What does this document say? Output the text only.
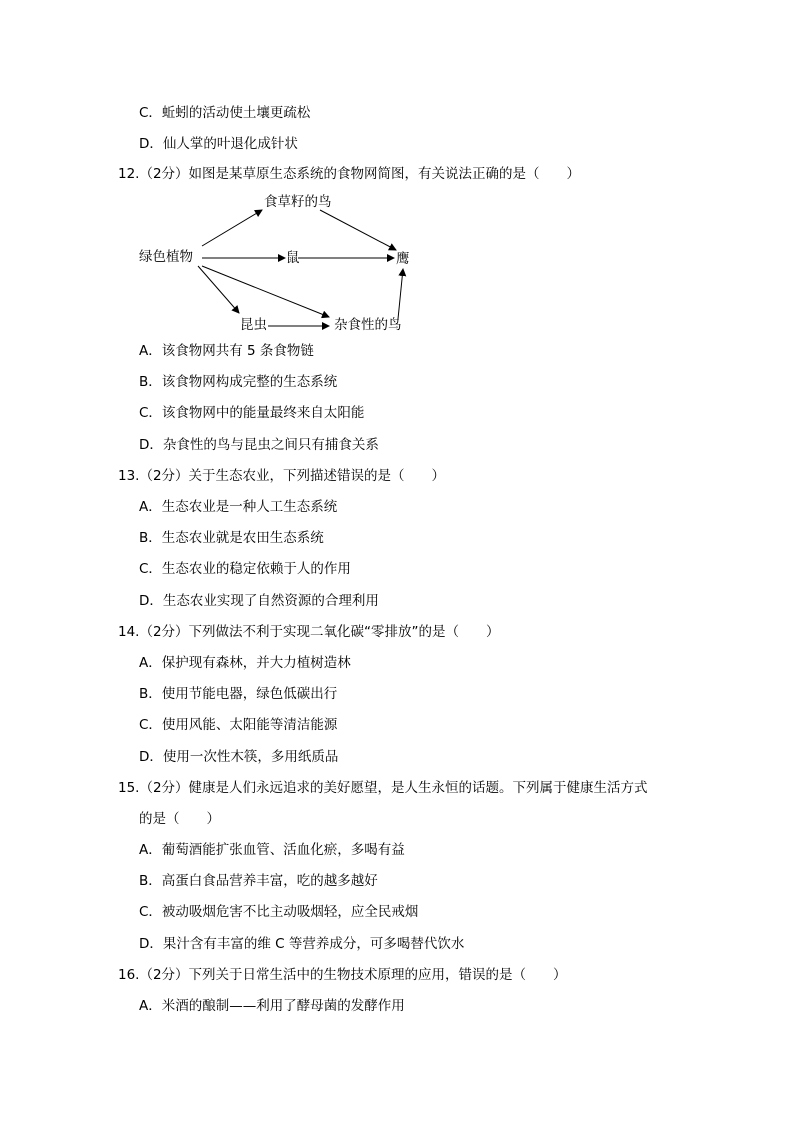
C．蚯蚓的活动使土壤更疏松
D．仙人掌的叶退化成针状
12.（2分）如图是某草原生态系统的食物网简图，有关说法正确的是（　　）
绿色植物
食草籽的鸟
鼠	鹰
昆虫	杂食性的鸟
A．该食物网共有 5 条食物链
B．该食物网构成完整的生态系统
C．该食物网中的能量最终来自太阳能
D．杂食性的鸟与昆虫之间只有捕食关系
13.（2分）关于生态农业，下列描述错误的是（　　）
A．生态农业是一种人工生态系统
B．生态农业就是农田生态系统
C．生态农业的稳定依赖于人的作用
D．生态农业实现了自然资源的合理利用
14.（2分）下列做法不利于实现二氧化碳“零排放”的是（　　）
A．保护现有森林，并大力植树造林
B．使用节能电器，绿色低碳出行
C．使用风能、太阳能等清洁能源
D．使用一次性木筷，多用纸质品
15.（2分）健康是人们永远追求的美好愿望，是人生永恒的话题。下列属于健康生活方式
的是（　　）
A．葡萄酒能扩张血管、活血化瘀，多喝有益
B．高蛋白食品营养丰富，吃的越多越好
C．被动吸烟危害不比主动吸烟轻，应全民戒烟
D．果汁含有丰富的维 C 等营养成分，可多喝替代饮水
16.（2分）下列关于日常生活中的生物技术原理的应用，错误的是（　　）
A．米酒的酿制——利用了酵母菌的发酵作用
